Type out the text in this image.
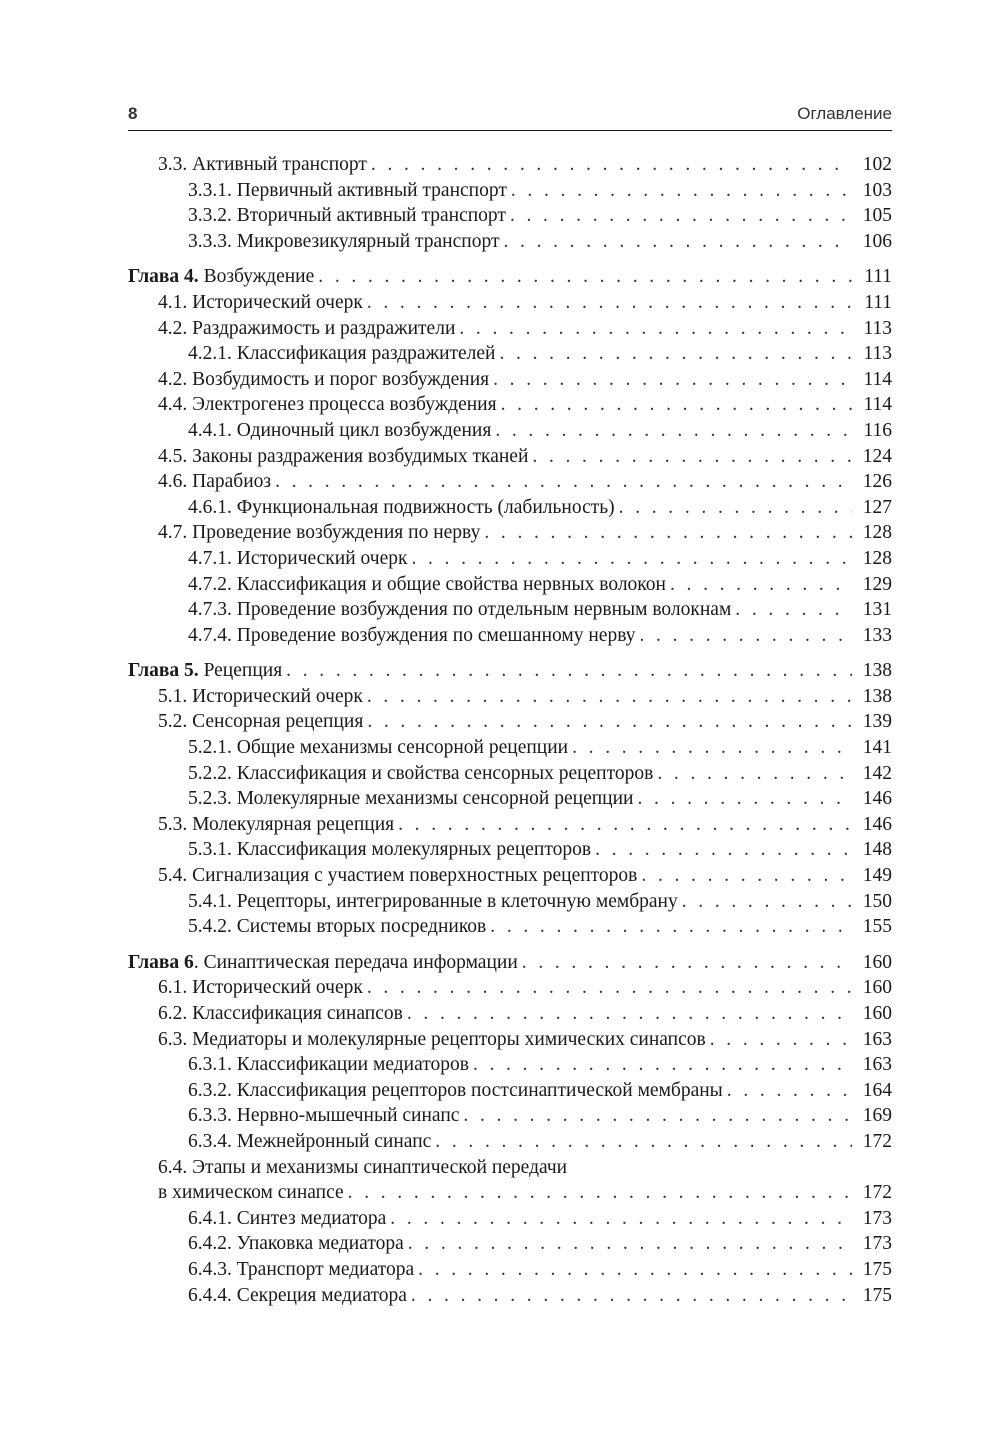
8	Оглавление
3.3. Активный транспорт . . .	102
3.3.1. Первичный активный транспорт . . .	103
3.3.2. Вторичный активный транспорт . . .	105
3.3.3. Микровезикулярный транспорт . . .	106
Глава 4. Возбуждение . . .	111
4.1. Исторический очерк . . .	111
4.2. Раздражимость и раздражители . . .	113
4.2.1. Классификация раздражителей . . .	113
4.2. Возбудимость и порог возбуждения . . .	114
4.4. Электрогенез процесса возбуждения . . .	114
4.4.1. Одиночный цикл возбуждения . . .	116
4.5. Законы раздражения возбудимых тканей . . .	124
4.6. Парабиоз . . .	126
4.6.1. Функциональная подвижность (лабильность) . . .	127
4.7. Проведение возбуждения по нерву . . .	128
4.7.1. Исторический очерк . . .	128
4.7.2. Классификация и общие свойства нервных волокон . . .	129
4.7.3. Проведение возбуждения по отдельным нервным волокнам . . .	131
4.7.4. Проведение возбуждения по смешанному нерву . . .	133
Глава 5. Рецепция . . .	138
5.1. Исторический очерк . . .	138
5.2. Сенсорная рецепция . . .	139
5.2.1. Общие механизмы сенсорной рецепции . . .	141
5.2.2. Классификация и свойства сенсорных рецепторов . . .	142
5.2.3. Молекулярные механизмы сенсорной рецепции . . .	146
5.3. Молекулярная рецепция . . .	146
5.3.1. Классификация молекулярных рецепторов . . .	148
5.4. Сигнализация с участием поверхностных рецепторов . . .	149
5.4.1. Рецепторы, интегрированные в клеточную мембрану . . .	150
5.4.2. Системы вторых посредников . . .	155
Глава 6. Синаптическая передача информации . . .	160
6.1. Исторический очерк . . .	160
6.2. Классификация синапсов . . .	160
6.3. Медиаторы и молекулярные рецепторы химических синапсов . . .	163
6.3.1. Классификации медиаторов . . .	163
6.3.2. Классификация рецепторов постсинаптической мембраны . . .	164
6.3.3. Нервно-мышечный синапс . . .	169
6.3.4. Межнейронный синапс . . .	172
6.4. Этапы и механизмы синаптической передачи
в химическом синапсе . . .	172
6.4.1. Синтез медиатора . . .	173
6.4.2. Упаковка медиатора . . .	173
6.4.3. Транспорт медиатора . . .	175
6.4.4. Секреция медиатора . . .	175
